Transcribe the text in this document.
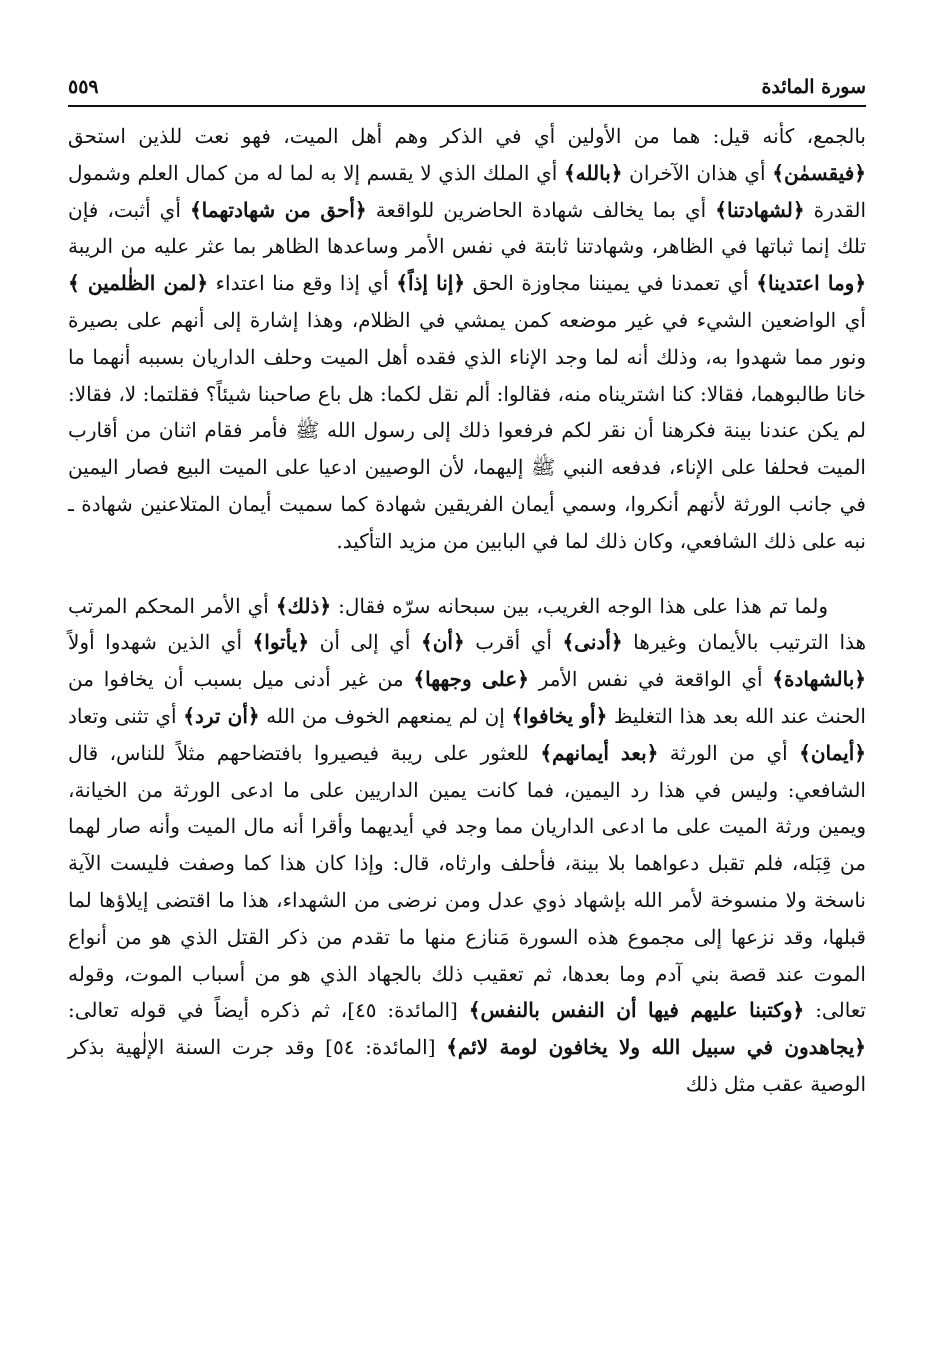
٥٥٩	سورة المائدة

بالجمع، كأنه قيل: هما من الأولين أي في الذكر وهم أهل الميت، فهو نعت للذين استحق ﴿فيقسمٰن﴾ أي هذان الآخران ﴿بالله﴾ أي الملك الذي لا يقسم إلا به لما له من كمال العلم وشمول القدرة ﴿لشهادتنا﴾ أي بما يخالف شهادة الحاضرين للواقعة ﴿أحق من شهادتهما﴾ أي أثبت، فإن تلك إنما ثباتها في الظاهر، وشهادتنا ثابتة في نفس الأمر وساعدها الظاهر بما عثر عليه من الريبة ﴿وما اعتدينا﴾ أي تعمدنا في يميننا مجاوزة الحق ﴿إنا إذاً﴾ أي إذا وقع منا اعتداء ﴿لمن الظٰلمين ﴾ أي الواضعين الشيء في غير موضعه كمن يمشي في الظلام، وهذا إشارة إلى أنهم على بصيرة ونور مما شهدوا به، وذلك أنه لما وجد الإناء الذي فقده أهل الميت وحلف الداريان بسببه أنهما ما خانا طالبوهما، فقالا: كنا اشتريناه منه، فقالوا: ألم نقل لكما: هل باع صاحبنا شيئاً؟ فقلتما: لا، فقالا: لم يكن عندنا بينة فكرهنا أن نقر لكم فرفعوا ذلك إلى رسول الله ﷺ فأمر فقام اثنان من أقارب الميت فحلفا على الإناء، فدفعه النبي ﷺ إليهما، لأن الوصيين ادعيا على الميت البيع فصار اليمين في جانب الورثة لأنهم أنكروا، وسمي أيمان الفريقين شهادة كما سميت أيمان المتلاعنين شهادة ـ نبه على ذلك الشافعي، وكان ذلك لما في البابين من مزيد التأكيد.

ولما تم هذا على هذا الوجه الغريب، بين سبحانه سرّه فقال: ﴿ذلك﴾ أي الأمر المحكم المرتب هذا الترتيب بالأيمان وغيرها ﴿أدنى﴾ أي أقرب ﴿أن﴾ أي إلى أن ﴿يأتوا﴾ أي الذين شهدوا أولاً ﴿بالشهادة﴾ أي الواقعة في نفس الأمر ﴿على وجهها﴾ من غير أدنى ميل بسبب أن يخافوا من الحنث عند الله بعد هذا التغليظ ﴿أو يخافوا﴾ إن لم يمنعهم الخوف من الله ﴿أن ترد﴾ أي تثنى وتعاد ﴿أيمان﴾ أي من الورثة ﴿بعد أيمانهم﴾ للعثور على ريبة فيصيروا بافتضاحهم مثلاً للناس، قال الشافعي: وليس في هذا رد اليمين، فما كانت يمين الداريين على ما ادعى الورثة من الخيانة، ويمين ورثة الميت على ما ادعى الداريان مما وجد في أيديهما وأقرا أنه مال الميت وأنه صار لهما من قِبَله، فلم تقبل دعواهما بلا بينة، فأحلف وارثاه، قال: وإذا كان هذا كما وصفت فليست الآية ناسخة ولا منسوخة لأمر الله بإشهاد ذوي عدل ومن نرضى من الشهداء، هذا ما اقتضى إيلاؤها لما قبلها، وقد نزعها إلى مجموع هذه السورة مَنازع منها ما تقدم من ذكر القتل الذي هو من أنواع الموت عند قصة بني آدم وما بعدها، ثم تعقيب ذلك بالجهاد الذي هو من أسباب الموت، وقوله تعالى: ﴿وكتبنا عليهم فيها أن النفس بالنفس﴾ [المائدة: ٤٥]، ثم ذكره أيضاً في قوله تعالى: ﴿يجاهدون في سبيل الله ولا يخافون لومة لائم﴾ [المائدة: ٥٤] وقد جرت السنة الإلٰهية بذكر الوصية عقب مثل ذلك
